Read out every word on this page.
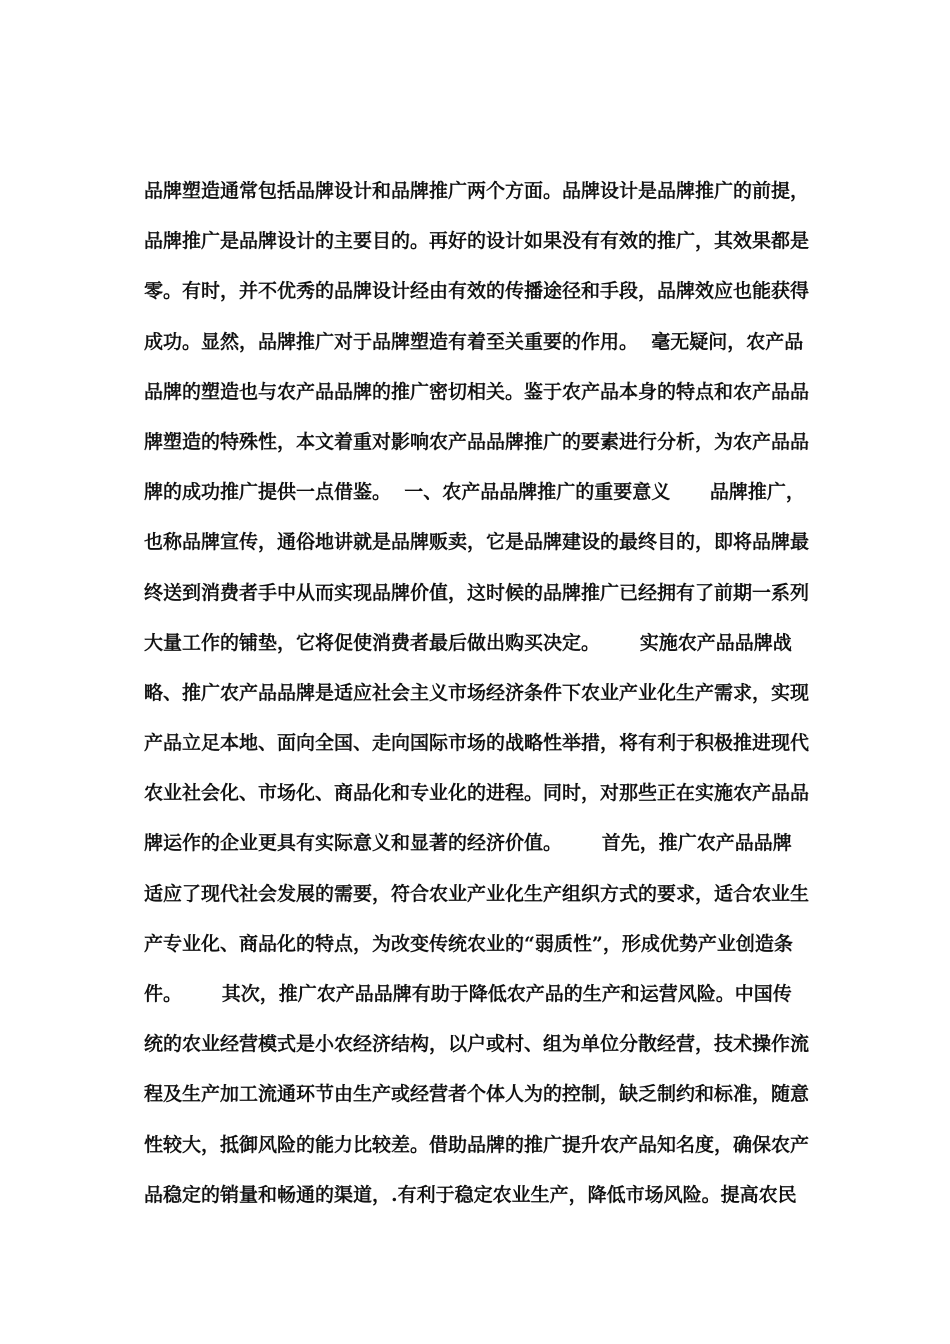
品牌塑造通常包括品牌设计和品牌推广两个方面。品牌设计是品牌推广的前提，
品牌推广是品牌设计的主要目的。再好的设计如果没有有效的推广，其效果都是
零。有时，并不优秀的品牌设计经由有效的传播途径和手段，品牌效应也能获得
成功。显然，品牌推广对于品牌塑造有着至关重要的作用。  毫无疑问，农产品
品牌的塑造也与农产品品牌的推广密切相关。鉴于农产品本身的特点和农产品品
牌塑造的特殊性，本文着重对影响农产品品牌推广的要素进行分析，为农产品品
牌的成功推广提供一点借鉴。  一、农产品品牌推广的重要意义      品牌推广，
也称品牌宣传，通俗地讲就是品牌贩卖，它是品牌建设的最终目的，即将品牌最
终送到消费者手中从而实现品牌价值，这时候的品牌推广已经拥有了前期一系列
大量工作的铺垫，它将促使消费者最后做出购买决定。      实施农产品品牌战
略、推广农产品品牌是适应社会主义市场经济条件下农业产业化生产需求，实现
产品立足本地、面向全国、走向国际市场的战略性举措，将有利于积极推进现代
农业社会化、市场化、商品化和专业化的进程。同时，对那些正在实施农产品品
牌运作的企业更具有实际意义和显著的经济价值。      首先，推广农产品品牌
适应了现代社会发展的需要，符合农业产业化生产组织方式的要求，适合农业生
产专业化、商品化的特点，为改变传统农业的“弱质性”，形成优势产业创造条
件。      其次，推广农产品品牌有助于降低农产品的生产和运营风险。中国传
统的农业经营模式是小农经济结构，以户或村、组为单位分散经营，技术操作流
程及生产加工流通环节由生产或经营者个体人为的控制，缺乏制约和标准，随意
性较大，抵御风险的能力比较差。借助品牌的推广提升农产品知名度，确保农产
品稳定的销量和畅通的渠道，.有利于稳定农业生产，降低市场风险。提高农民
